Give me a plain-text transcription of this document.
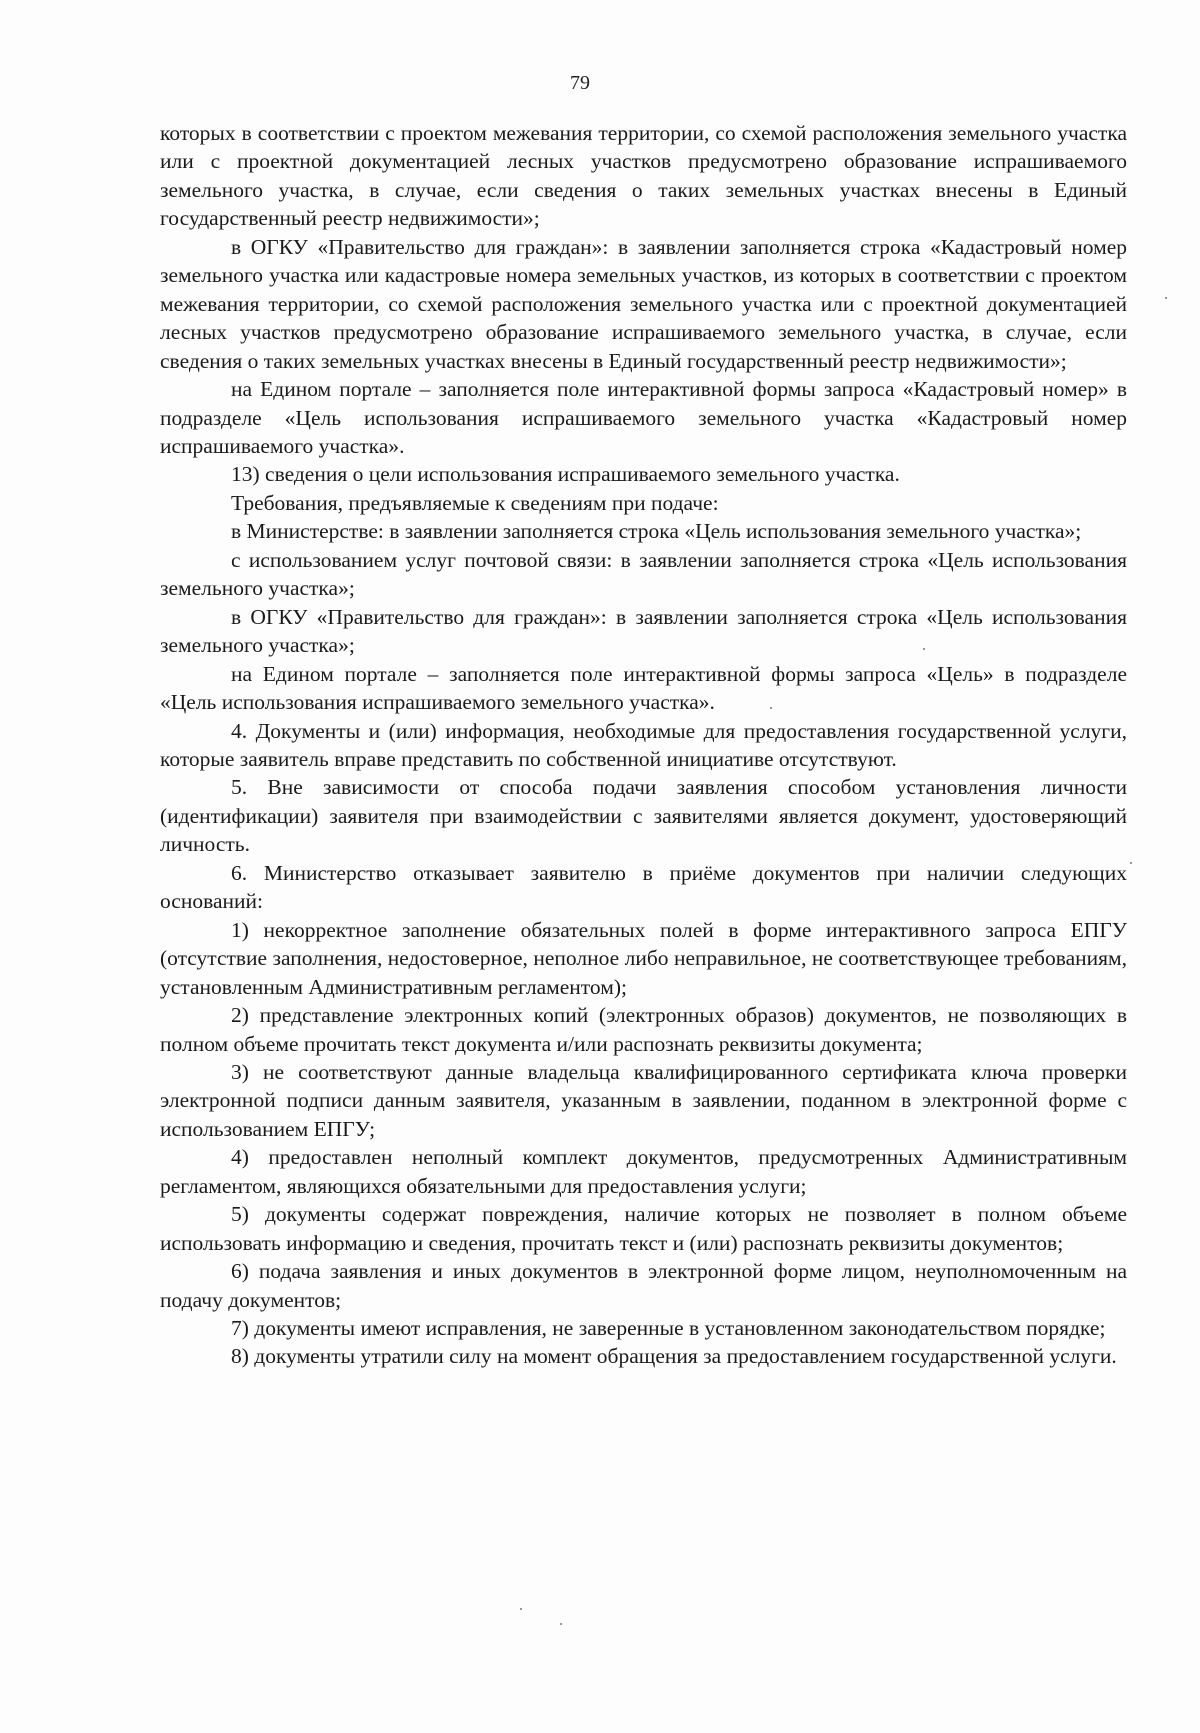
79

которых в соответствии с проектом межевания территории, со схемой расположения земельного участка или с проектной документацией лесных участков предусмотрено образование испрашиваемого земельного участка, в случае, если сведения о таких земельных участках внесены в Единый государственный реестр недвижимости»;

в ОГКУ «Правительство для граждан»: в заявлении заполняется строка «Кадастровый номер земельного участка или кадастровые номера земельных участков, из которых в соответствии с проектом межевания территории, со схемой расположения земельного участка или с проектной документацией лесных участков предусмотрено образование испрашиваемого земельного участка, в случае, если сведения о таких земельных участках внесены в Единый государственный реестр недвижимости»;

на Едином портале – заполняется поле интерактивной формы запроса «Кадастровый номер» в подразделе «Цель использования испрашиваемого земельного участка «Кадастровый номер испрашиваемого участка».

13) сведения о цели использования испрашиваемого земельного участка.

Требования, предъявляемые к сведениям при подаче:

в Министерстве: в заявлении заполняется строка «Цель использования земельного участка»;

с использованием услуг почтовой связи: в заявлении заполняется строка «Цель использования земельного участка»;

в ОГКУ «Правительство для граждан»: в заявлении заполняется строка «Цель использования земельного участка»;

на Едином портале – заполняется поле интерактивной формы запроса «Цель» в подразделе «Цель использования испрашиваемого земельного участка».

4. Документы и (или) информация, необходимые для предоставления государственной услуги, которые заявитель вправе представить по собственной инициативе отсутствуют.

5. Вне зависимости от способа подачи заявления способом установления личности (идентификации) заявителя при взаимодействии с заявителями является документ, удостоверяющий личность.

6. Министерство отказывает заявителю в приёме документов при наличии следующих оснований:

1) некорректное заполнение обязательных полей в форме интерактивного запроса ЕПГУ (отсутствие заполнения, недостоверное, неполное либо неправильное, не соответствующее требованиям, установленным Административным регламентом);

2) представление электронных копий (электронных образов) документов, не позволяющих в полном объеме прочитать текст документа и/или распознать реквизиты документа;

3) не соответствуют данные владельца квалифицированного сертификата ключа проверки электронной подписи данным заявителя, указанным в заявлении, поданном в электронной форме с использованием ЕПГУ;

4) предоставлен неполный комплект документов, предусмотренных Административным регламентом, являющихся обязательными для предоставления услуги;

5) документы содержат повреждения, наличие которых не позволяет в полном объеме использовать информацию и сведения, прочитать текст и (или) распознать реквизиты документов;

6) подача заявления и иных документов в электронной форме лицом, неуполномоченным на подачу документов;

7) документы имеют исправления, не заверенные в установленном законодательством порядке;

8) документы утратили силу на момент обращения за предоставлением государственной услуги.
